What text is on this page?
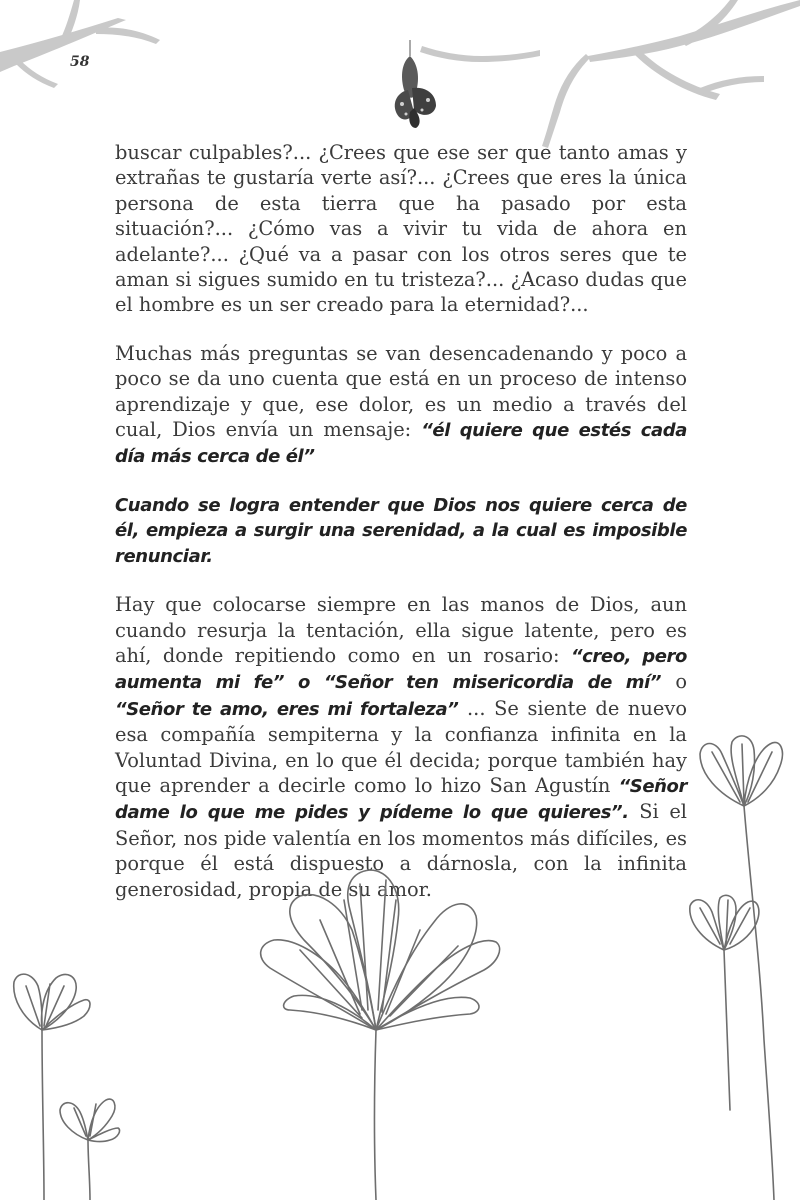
58

buscar culpables?... ¿Crees que ese ser que tanto amas y extrañas te gustaría verte así?... ¿Crees que eres la única persona de esta tierra que ha pasado por esta situación?... ¿Cómo vas a vivir tu vida de ahora en adelante?... ¿Qué va a pasar con los otros seres que te aman si sigues sumido en tu tristeza?... ¿Acaso dudas que el hombre es un ser creado para la eternidad?...

Muchas más preguntas se van desencadenando y poco a poco se da uno cuenta que está en un proceso de intenso aprendizaje y que, ese dolor, es un medio a través del cual, Dios envía un mensaje: “él quiere que estés cada día más cerca de él”

Cuando se logra entender que Dios nos quiere cerca de él, empieza a surgir una serenidad, a la cual es imposible renunciar.

Hay que colocarse siempre en las manos de Dios, aun cuando resurja la tentación, ella sigue latente, pero es ahí, donde repitiendo como en un rosario: “creo, pero aumenta mi fe” o “Señor ten misericordia de mí” o “Señor te amo, eres mi fortaleza” ... Se siente de nuevo esa compañía sempiterna y la confianza infinita en la Voluntad Divina, en lo que él decida; porque también hay que aprender a decirle como lo hizo San Agustín “Señor dame lo que me pides y pídeme lo que quieres”. Si el Señor, nos pide valentía en los momentos más difíciles, es porque él está dispuesto a dárnosla, con la infinita generosidad, propia de su amor.
